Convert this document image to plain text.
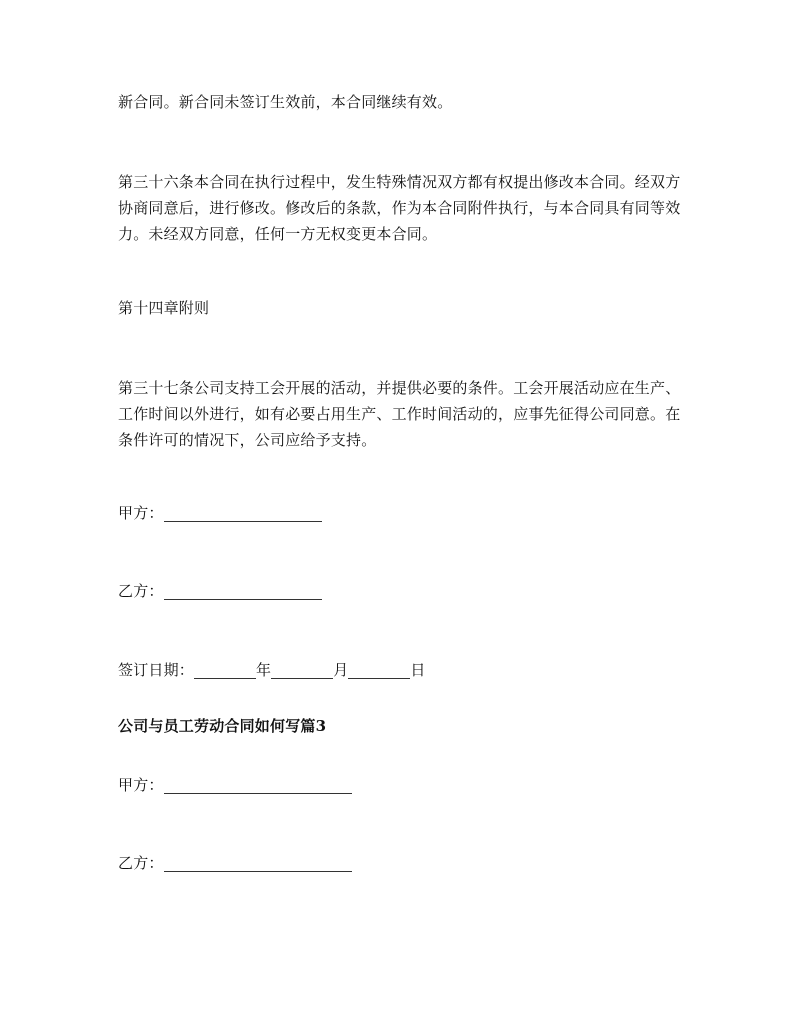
新合同。新合同未签订生效前，本合同继续有效。
第三十六条本合同在执行过程中，发生特殊情况双方都有权提出修改本合同。经双方协商同意后，进行修改。修改后的条款，作为本合同附件执行，与本合同具有同等效力。未经双方同意，任何一方无权变更本合同。
第十四章附则
第三十七条公司支持工会开展的活动，并提供必要的条件。工会开展活动应在生产、工作时间以外进行，如有必要占用生产、工作时间活动的，应事先征得公司同意。在条件许可的情况下，公司应给予支持。
甲方：
乙方：
签订日期：	年	月	日
公司与员工劳动合同如何写篇3
甲方：
乙方：
